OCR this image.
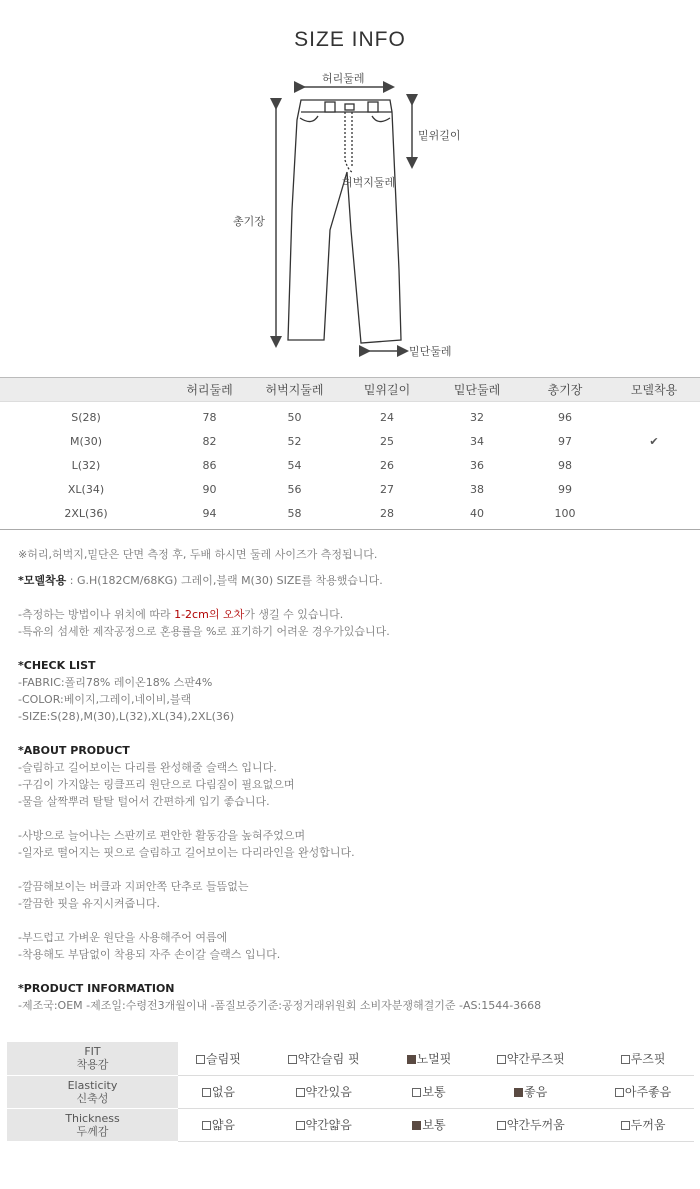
SIZE INFO
허리둘레
밑위길이
허벅지둘레
총기장
밑단둘레
	허리둘레	허벅지둘레	밑위길이	밑단둘레	총기장	모델착용
S(28)	78	50	24	32	96	
M(30)	82	52	25	34	97	✔
L(32)	86	54	26	36	98	
XL(34)	90	56	27	38	99	
2XL(36)	94	58	28	40	100	
※허리,허벅지,밑단은 단면 측정 후, 두배 하시면 둘레 사이즈가 측정됩니다.
*모델착용 : G.H(182CM/68KG) 그레이,블랙 M(30) SIZE를 착용했습니다.
-측정하는 방법이나 위치에 따라 1-2cm의 오차가 생길 수 있습니다.
-특유의 섬세한 제작공정으로 혼용률을 %로 표기하기 어려운 경우가있습니다.
*CHECK LIST
-FABRIC:폴리78% 레이온18% 스판4%
-COLOR:베이지,그레이,네이비,블랙
-SIZE:S(28),M(30),L(32),XL(34),2XL(36)
*ABOUT PRODUCT
-슬림하고 길어보이는 다리를 완성해줄 슬랙스 입니다.
-구김이 가지않는 링클프리 원단으로 다림질이 필요없으며
-물을 살짝뿌려 탈탈 털어서 간편하게 입기 좋습니다.
-사방으로 늘어나는 스판끼로 편안한 활동감을 높혀주었으며
-일자로 떨어지는 핏으로 슬림하고 길어보이는 다리라인을 완성합니다.
-깔끔해보이는 버클과 지퍼안쪽 단추로 들뜸없는
-깔끔한 핏을 유지시켜줍니다.
-부드럽고 가벼운 원단을 사용해주어 여름에
-착용해도 부담없이 착용되 자주 손이갈 슬랙스 입니다.
*PRODUCT INFORMATION
-제조국:OEM -제조일:수령전3개월이내 -품질보증기준:공정거래위원회 소비자분쟁해결기준 -AS:1544-3668
FIT
착용감	슬림핏	약간슬림 핏	노멀핏	약간루즈핏	루즈핏

Elasticity
신축성	없음	약간있음	보통	좋음	아주좋음

Thickness
두께감	얇음	약간얇음	보통	약간두꺼움	두꺼움
